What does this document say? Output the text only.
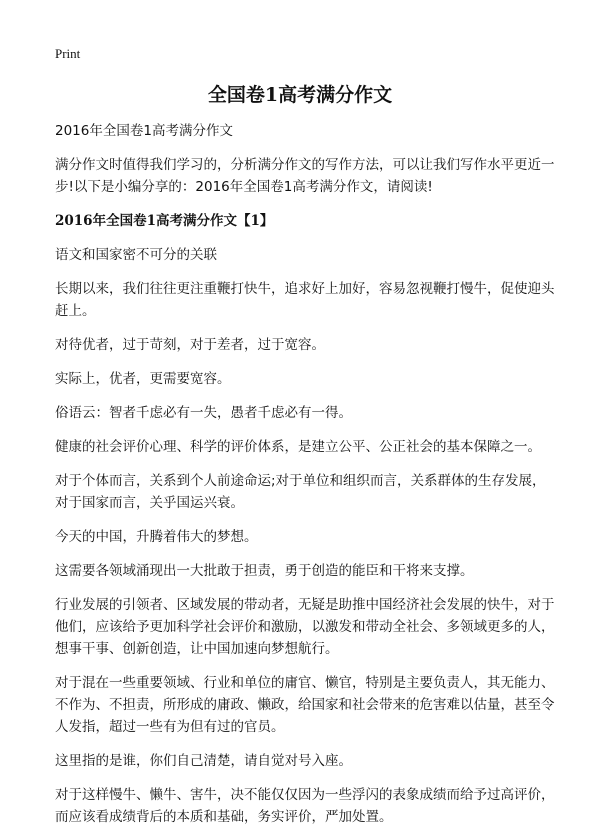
Print
全国卷1高考满分作文

2016年全国卷1高考满分作文

满分作文时值得我们学习的，分析满分作文的写作方法，可以让我们写作水平更近一步!以下是小编分享的：2016年全国卷1高考满分作文，请阅读!

2016年全国卷1高考满分作文【1】

语文和国家密不可分的关联

长期以来，我们往往更注重鞭打快牛，追求好上加好，容易忽视鞭打慢牛，促使迎头赶上。

对待优者，过于苛刻，对于差者，过于宽容。

实际上，优者，更需要宽容。

俗语云：智者千虑必有一失，愚者千虑必有一得。

健康的社会评价心理、科学的评价体系，是建立公平、公正社会的基本保障之一。

对于个体而言，关系到个人前途命运;对于单位和组织而言，关系群体的生存发展，对于国家而言，关乎国运兴衰。

今天的中国，升腾着伟大的梦想。

这需要各领域涌现出一大批敢于担责，勇于创造的能臣和干将来支撑。

行业发展的引领者、区域发展的带动者，无疑是助推中国经济社会发展的快牛，对于他们，应该给予更加科学社会评价和激励，以激发和带动全社会、多领域更多的人，想事干事、创新创造，让中国加速向梦想航行。

对于混在一些重要领域、行业和单位的庸官、懒官，特别是主要负责人，其无能力、不作为、不担责，所形成的庸政、懒政，给国家和社会带来的危害难以估量，甚至令人发指，超过一些有为但有过的官员。

这里指的是谁，你们自己清楚，请自觉对号入座。

对于这样慢牛、懒牛、害牛，决不能仅仅因为一些浮闪的表象成绩而给予过高评价，而应该看成绩背后的本质和基础，务实评价，严加处置。
